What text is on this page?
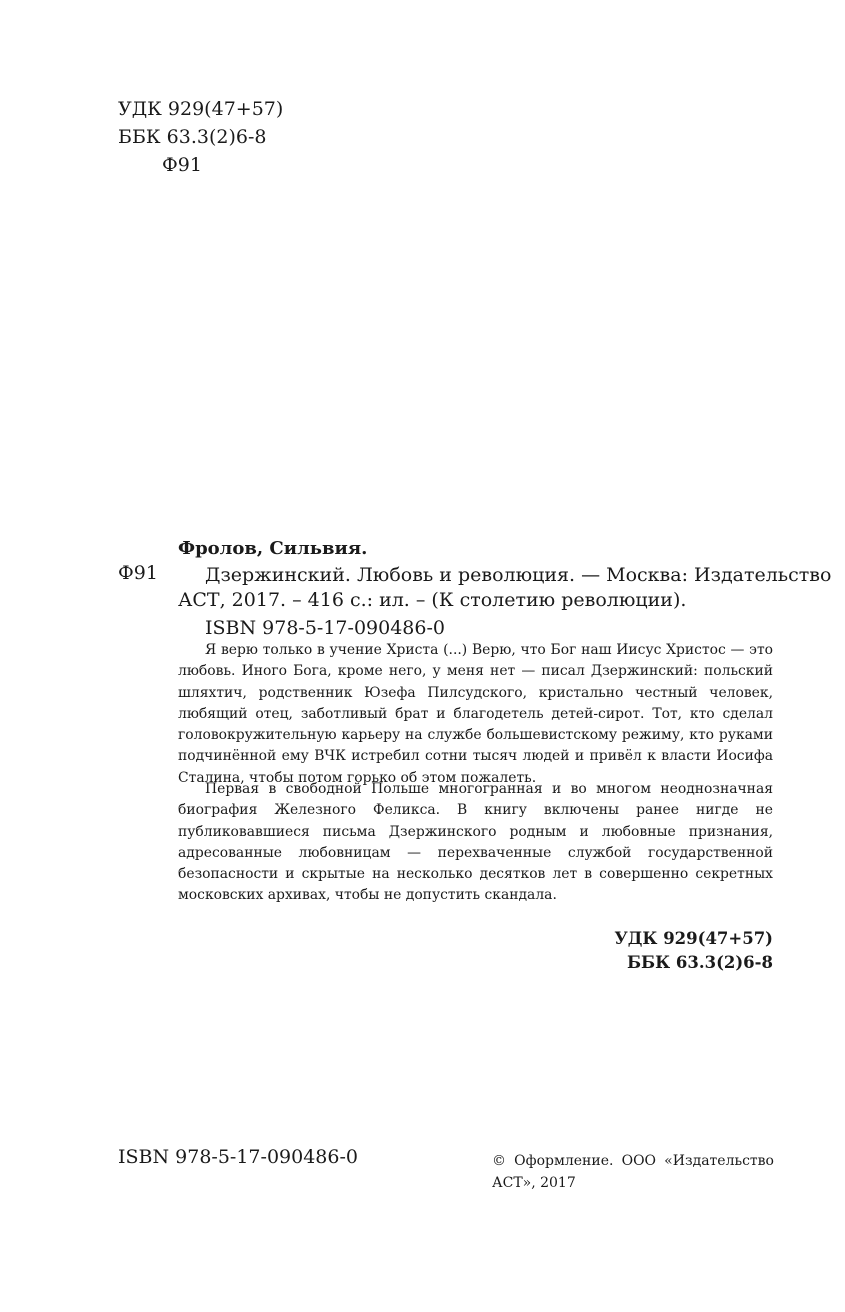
УДК 929(47+57)
ББК 63.3(2)6-8
Ф91
Фролов, Сильвия.
Ф91 Дзержинский. Любовь и революция. — Москва: Издательство
АСТ, 2017. – 416 с.: ил. – (К столетию революции).
ISBN 978-5-17-090486-0

Я верю только в учение Христа (...) Верю, что Бог наш Иисус Христос — это любовь. Иного Бога, кроме него, у меня нет — писал Дзержинский: польский шляхтич, родственник Юзефа Пилсудского, кристально честный человек, любящий отец, заботливый брат и благодетель детей-сирот. Тот, кто сделал головокружительную карьеру на службе большевистскому режиму, кто руками подчинённой ему ВЧК истребил сотни тысяч людей и привёл к власти Иосифа Сталина, чтобы потом горько об этом пожалеть.

Первая в свободной Польше многогранная и во многом неоднозначная биография Железного Феликса. В книгу включены ранее нигде не публиковавшиеся письма Дзержинского родным и любовные признания, адресованные любовницам — перехваченные службой государственной безопасности и скрытые на несколько десятков лет в совершенно секретных московских архивах, чтобы не допустить скандала.

УДК 929(47+57)
ББК 63.3(2)6-8
ISBN 978-5-17-090486-0	© Оформление. ООО «Издательство АСТ», 2017
